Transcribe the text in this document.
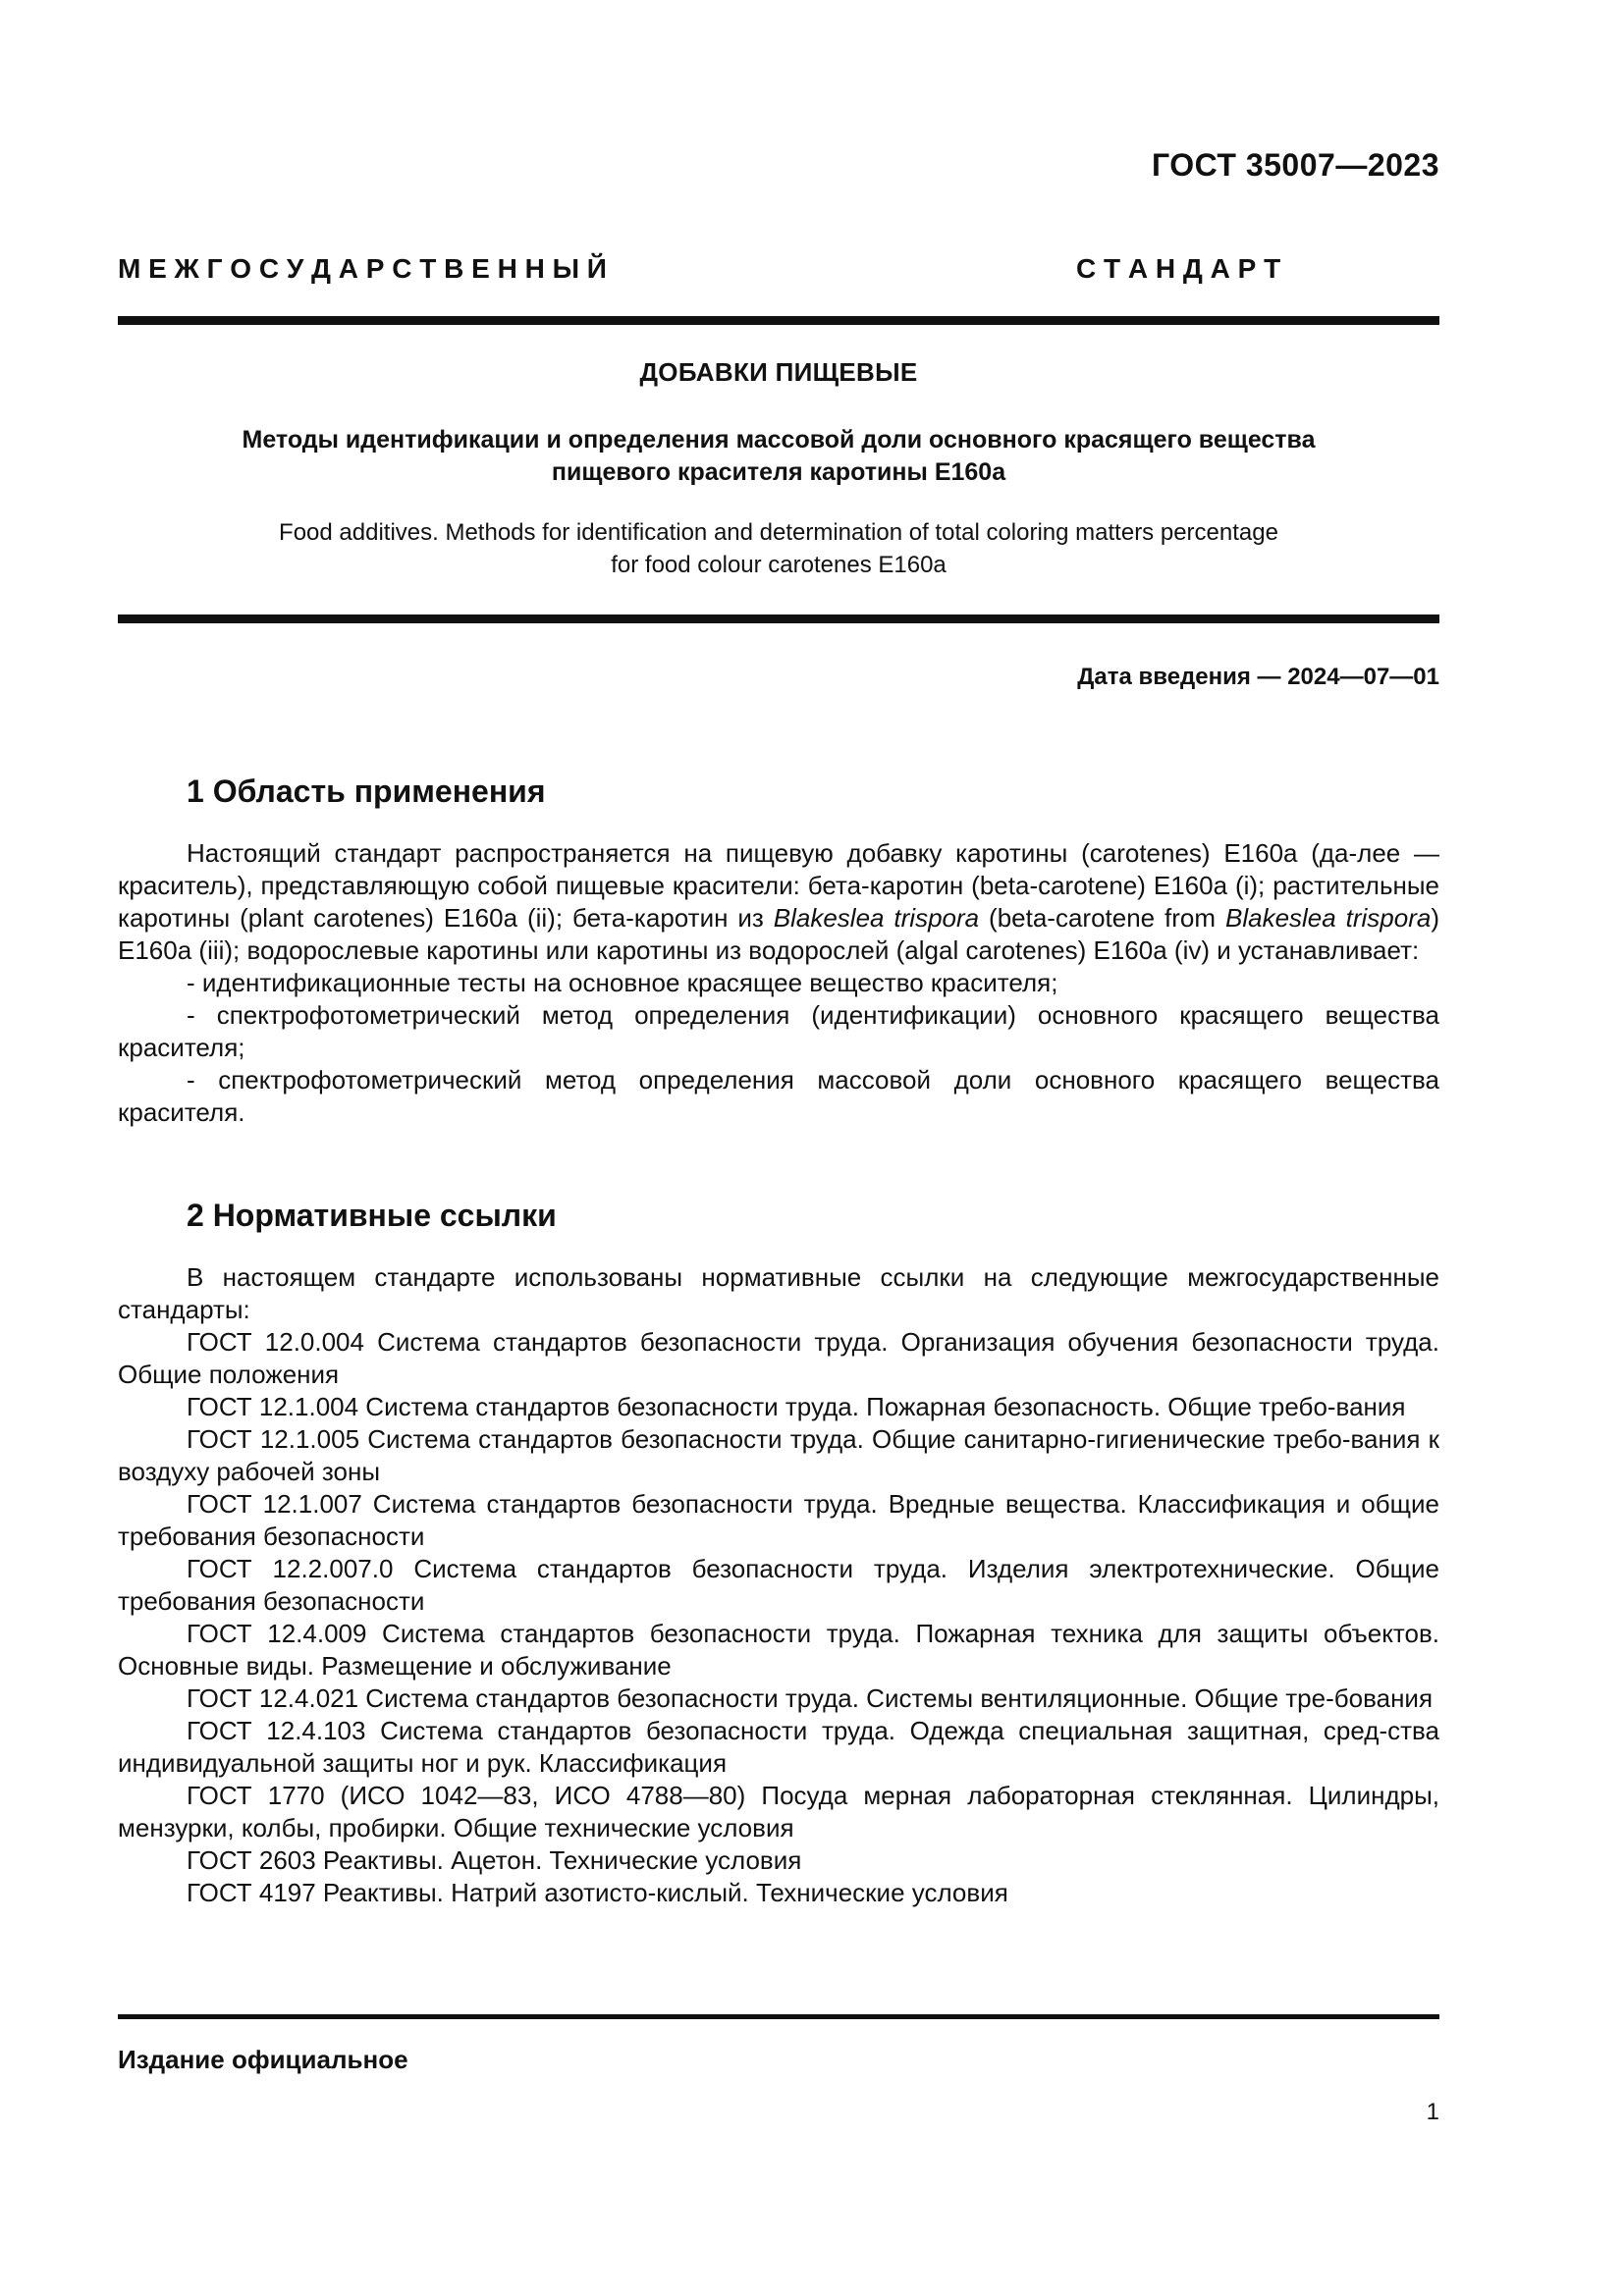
ГОСТ 35007—2023
М Е Ж Г О С У Д А Р С Т В Е Н Н Ы Й	С Т А Н Д А Р Т
ДОБАВКИ ПИЩЕВЫЕ
Методы идентификации и определения массовой доли основного красящего вещества
пищевого красителя каротины Е160а
Food additives. Methods for identification and determination of total coloring matters percentage
for food colour carotenes E160a
Дата введения — 2024—07—01
1 Область применения

Настоящий стандарт распространяется на пищевую добавку каротины (carotenes) Е160а (да-лее — краситель), представляющую собой пищевые красители: бета-каротин (beta-carotene) Е160а (i); растительные каротины (plant carotenes) Е160а (ii); бета-каротин из Blakeslea trispora (beta-carotene from Blakeslea trispora) Е160а (iii); водорослевые каротины или каротины из водорослей (algal carotenes) Е160а (iv) и устанавливает:

- идентификационные тесты на основное красящее вещество красителя;

- спектрофотометрический метод определения (идентификации) основного красящего вещества красителя;

- спектрофотометрический метод определения массовой доли основного красящего вещества красителя.

2 Нормативные ссылки

В настоящем стандарте использованы нормативные ссылки на следующие межгосударственные стандарты:

ГОСТ 12.0.004 Система стандартов безопасности труда. Организация обучения безопасности труда. Общие положения

ГОСТ 12.1.004 Система стандартов безопасности труда. Пожарная безопасность. Общие требо-вания

ГОСТ 12.1.005 Система стандартов безопасности труда. Общие санитарно-гигиенические требо-вания к воздуху рабочей зоны

ГОСТ 12.1.007 Система стандартов безопасности труда. Вредные вещества. Классификация и общие требования безопасности

ГОСТ 12.2.007.0 Система стандартов безопасности труда. Изделия электротехнические. Общие требования безопасности

ГОСТ 12.4.009 Система стандартов безопасности труда. Пожарная техника для защиты объектов. Основные виды. Размещение и обслуживание

ГОСТ 12.4.021 Система стандартов безопасности труда. Системы вентиляционные. Общие тре-бования

ГОСТ 12.4.103 Система стандартов безопасности труда. Одежда специальная защитная, сред-ства индивидуальной защиты ног и рук. Классификация

ГОСТ 1770 (ИСО 1042—83, ИСО 4788—80) Посуда мерная лабораторная стеклянная. Цилиндры, мензурки, колбы, пробирки. Общие технические условия

ГОСТ 2603 Реактивы. Ацетон. Технические условия

ГОСТ 4197 Реактивы. Натрий азотисто-кислый. Технические условия

Издание официальное
1
